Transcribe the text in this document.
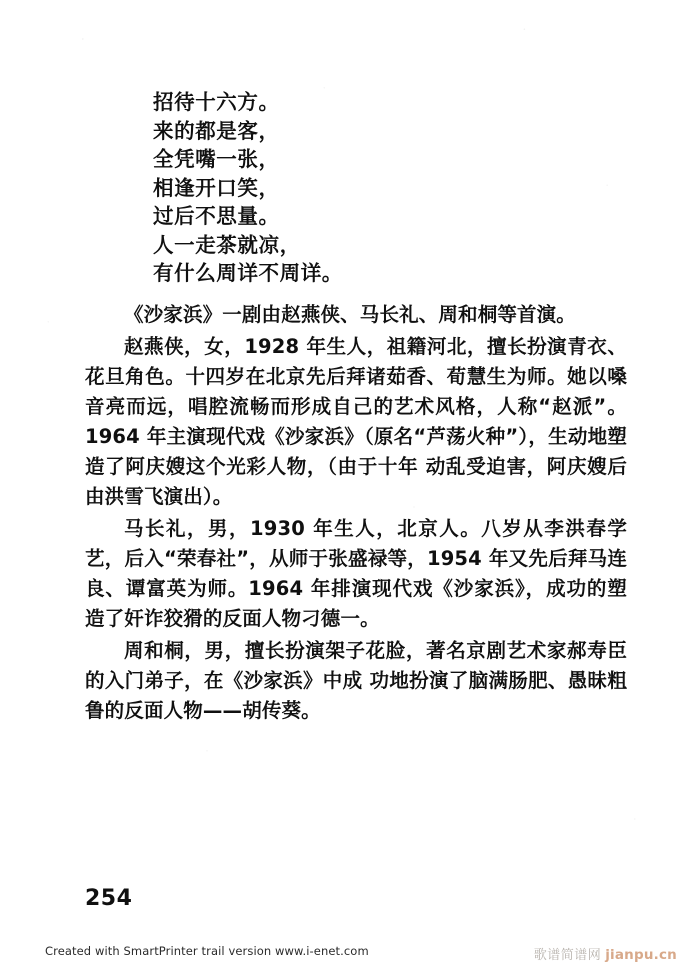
招待十六方。
来的都是客，
全凭嘴一张，
相逢开口笑，
过后不思量。
人一走茶就凉，
有什么周详不周详。

《沙家浜》一剧由赵燕侠、马长礼、周和桐等首演。

赵燕侠，女，1928 年生人，祖籍河北，擅长扮演青衣、花旦角色。十四岁在北京先后拜诸茹香、荀慧生为师。她以嗓音亮而远，唱腔流畅而形成自己的艺术风格，人称“赵派”。1964 年主演现代戏《沙家浜》（原名“芦荡火种”），生动地塑造了阿庆嫂这个光彩人物，（由于十年 动乱受迫害，阿庆嫂后由洪雪飞演出）。

马长礼，男，1930 年生人，北京人。八岁从李洪春学艺，后入“荣春社”，从师于张盛禄等，1954 年又先后拜马连良、谭富英为师。1964 年排演现代戏《沙家浜》，成功的塑造了奸诈狡猾的反面人物刁德一。

周和桐，男，擅长扮演架子花脸，著名京剧艺术家郝寿臣的入门弟子，在《沙家浜》中成 功地扮演了脑满肠肥、愚昧粗鲁的反面人物——胡传葵。

254
Created with SmartPrinter trail version www.i-enet.com	歌谱简谱网 jianpu.cn
